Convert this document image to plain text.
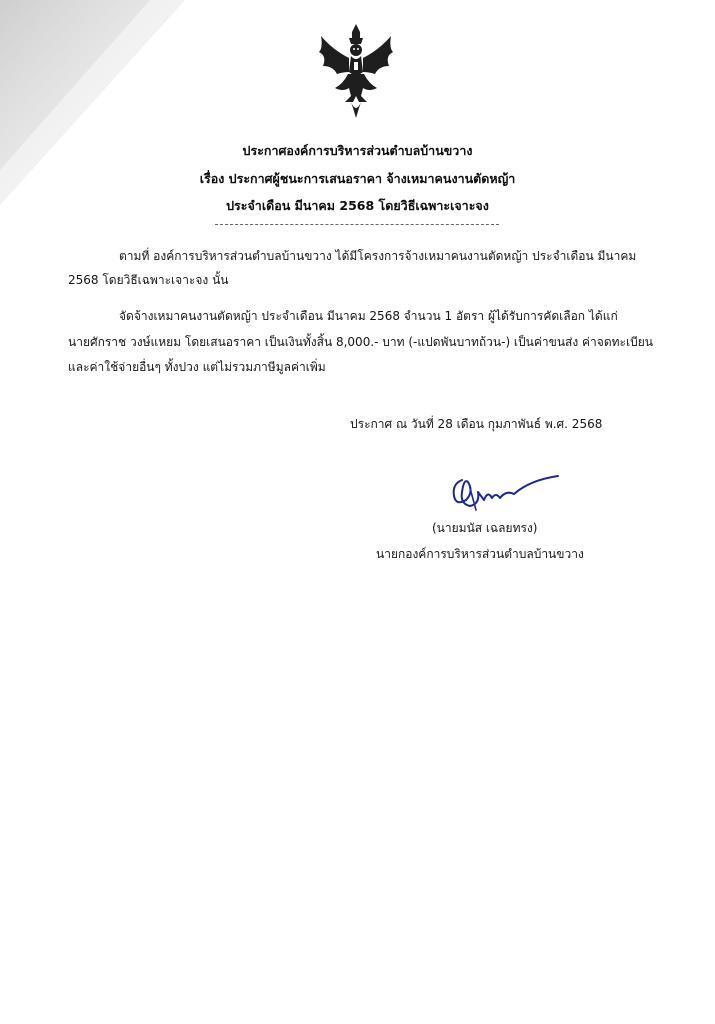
ประกาศองค์การบริหารส่วนตำบลบ้านขวาง
เรื่อง ประกาศผู้ชนะการเสนอราคา จ้างเหมาคนงานตัดหญ้า
ประจำเดือน มีนาคม 2568 โดยวิธีเฉพาะเจาะจง
ตามที่ องค์การบริหารส่วนตำบลบ้านขวาง ได้มีโครงการจ้างเหมาคนงานตัดหญ้า ประจำเดือน มีนาคม
2568 โดยวิธีเฉพาะเจาะจง นั้น
จัดจ้างเหมาคนงานตัดหญ้า ประจำเดือน มีนาคม 2568 จำนวน 1 อัตรา ผู้ได้รับการคัดเลือก ได้แก่
นายศักราช วงษ์แหยม โดยเสนอราคา เป็นเงินทั้งสิ้น 8,000.- บาท (-แปดพันบาทถ้วน-) เป็นค่าขนส่ง ค่าจดทะเบียน
และค่าใช้จ่ายอื่นๆ ทั้งปวง แต่ไม่รวมภาษีมูลค่าเพิ่ม
ประกาศ ณ วันที่ 28 เดือน กุมภาพันธ์ พ.ศ. 2568
(นายมนัส เฉลยทรง)
นายกองค์การบริหารส่วนตำบลบ้านขวาง
